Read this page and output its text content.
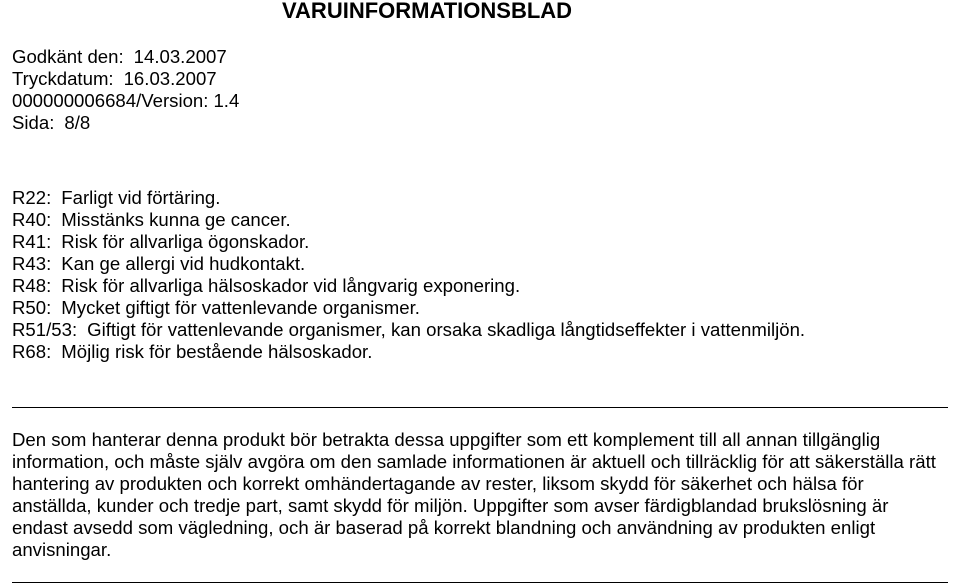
VARUINFORMATIONSBLAD
Godkänt den: 14.03.2007
Tryckdatum: 16.03.2007
000000006684/Version: 1.4
Sida: 8/8
R22: Farligt vid förtäring.
R40: Misstänks kunna ge cancer.
R41: Risk för allvarliga ögonskador.
R43: Kan ge allergi vid hudkontakt.
R48: Risk för allvarliga hälsoskador vid långvarig exponering.
R50: Mycket giftigt för vattenlevande organismer.
R51/53: Giftigt för vattenlevande organismer, kan orsaka skadliga långtidseffekter i vattenmiljön.
R68: Möjlig risk för bestående hälsoskador.
Den som hanterar denna produkt bör betrakta dessa uppgifter som ett komplement till all annan tillgänglig
information, och måste själv avgöra om den samlade informationen är aktuell och tillräcklig för att säkerställa rätt
hantering av produkten och korrekt omhändertagande av rester, liksom skydd för säkerhet och hälsa för
anställda, kunder och tredje part, samt skydd för miljön. Uppgifter som avser färdigblandad brukslösning är
endast avsedd som vägledning, och är baserad på korrekt blandning och användning av produkten enligt
anvisningar.
